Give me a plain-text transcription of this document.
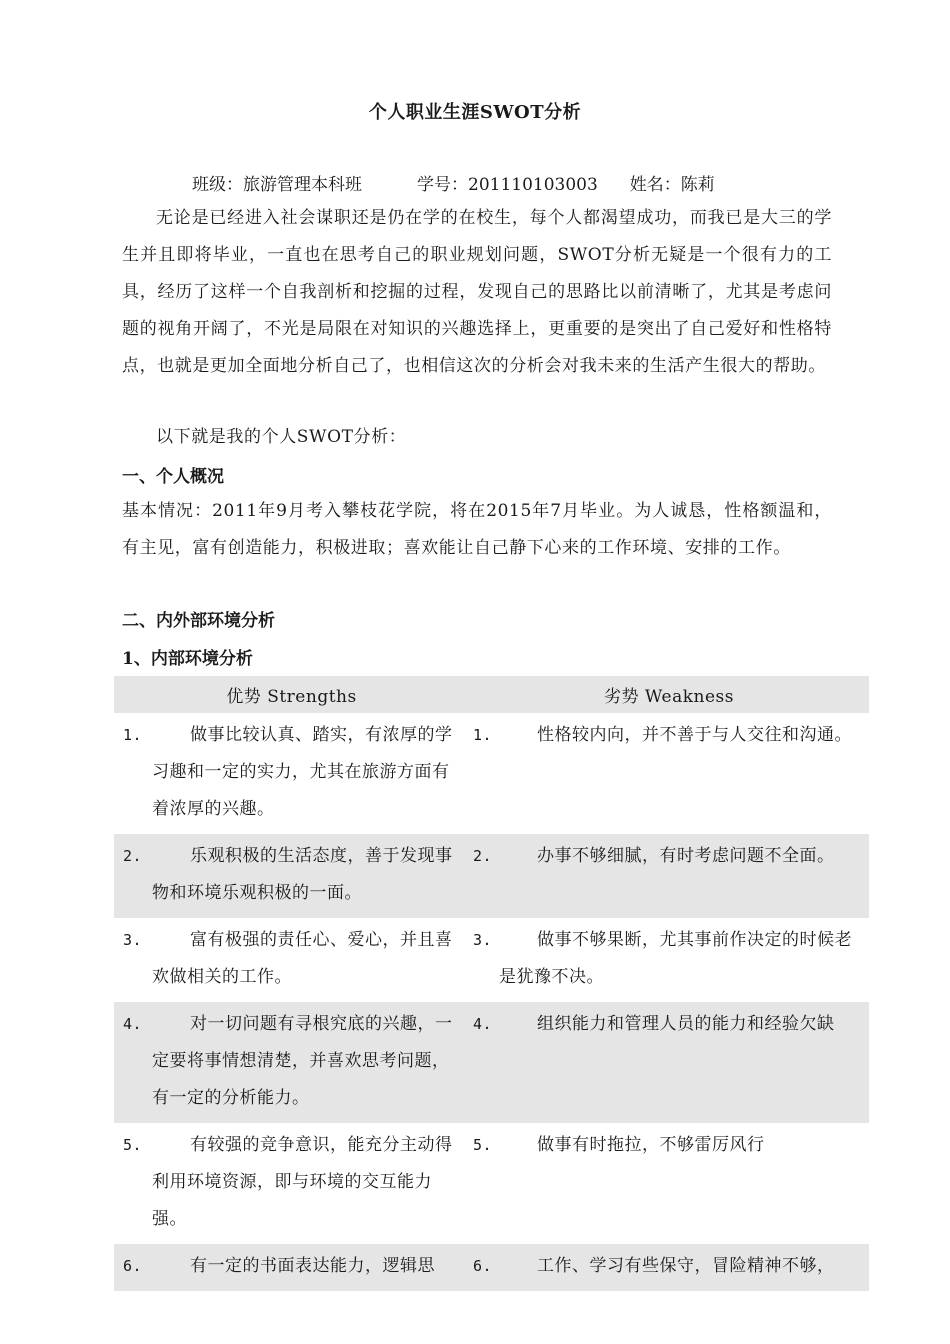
个人职业生涯SWOT分析
班级：旅游管理本科班	学号：201110103003 姓名：陈莉
无论是已经进入社会谋职还是仍在学的在校生，每个人都渴望成功，而我已是大三的学生并且即将毕业，一直也在思考自己的职业规划问题，SWOT分析无疑是一个很有力的工具，经历了这样一个自我剖析和挖掘的过程，发现自己的思路比以前清晰了，尤其是考虑问题的视角开阔了，不光是局限在对知识的兴趣选择上，更重要的是突出了自己爱好和性格特点，也就是更加全面地分析自己了，也相信这次的分析会对我未来的生活产生很大的帮助。
以下就是我的个人SWOT分析：
一、个人概况
基本情况：2011年9月考入攀枝花学院，将在2015年7月毕业。为人诚恳，性格额温和，有主见，富有创造能力，积极进取；喜欢能让自己静下心来的工作环境、安排的工作。
二、内外部环境分析
1、内部环境分析
优势 Strengths	劣势 Weakness

1. 做事比较认真、踏实，有浓厚的学习趣和一定的实力，尤其在旅游方面有着浓厚的兴趣。	1. 性格较内向，并不善于与人交往和沟通。

2. 乐观积极的生活态度，善于发现事物和环境乐观积极的一面。	2. 办事不够细腻，有时考虑问题不全面。

3. 富有极强的责任心、爱心，并且喜欢做相关的工作。	3. 做事不够果断，尤其事前作决定的时候老是犹豫不决。

4. 对一切问题有寻根究底的兴趣，一定要将事情想清楚，并喜欢思考问题，有一定的分析能力。	4. 组织能力和管理人员的能力和经验欠缺

5. 有较强的竞争意识，能充分主动得利用环境资源，即与环境的交互能力强。	5. 做事有时拖拉，不够雷厉风行

6. 有一定的书面表达能力，逻辑思	6. 工作、学习有些保守，冒险精神不够，
